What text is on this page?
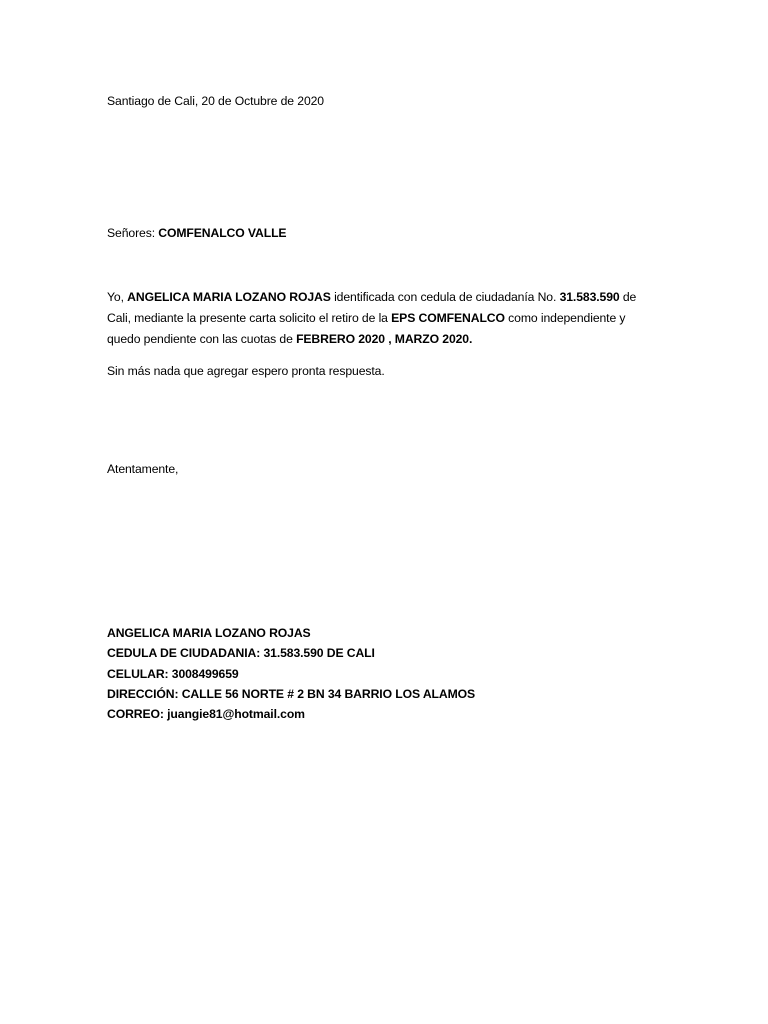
Santiago de Cali, 20 de Octubre de 2020
Señores: COMFENALCO VALLE
Yo, ANGELICA MARIA LOZANO ROJAS identificada con cedula de ciudadanía No. 31.583.590 de
Cali, mediante la presente carta solicito el retiro de la EPS COMFENALCO como independiente y
quedo pendiente con las cuotas de FEBRERO 2020 , MARZO 2020.
Sin más nada que agregar espero pronta respuesta.
Atentamente,
ANGELICA MARIA LOZANO ROJAS
CEDULA DE CIUDADANIA: 31.583.590 DE CALI
CELULAR: 3008499659
DIRECCIÓN: CALLE 56 NORTE # 2 BN 34 BARRIO LOS ALAMOS
CORREO: juangie81@hotmail.com
